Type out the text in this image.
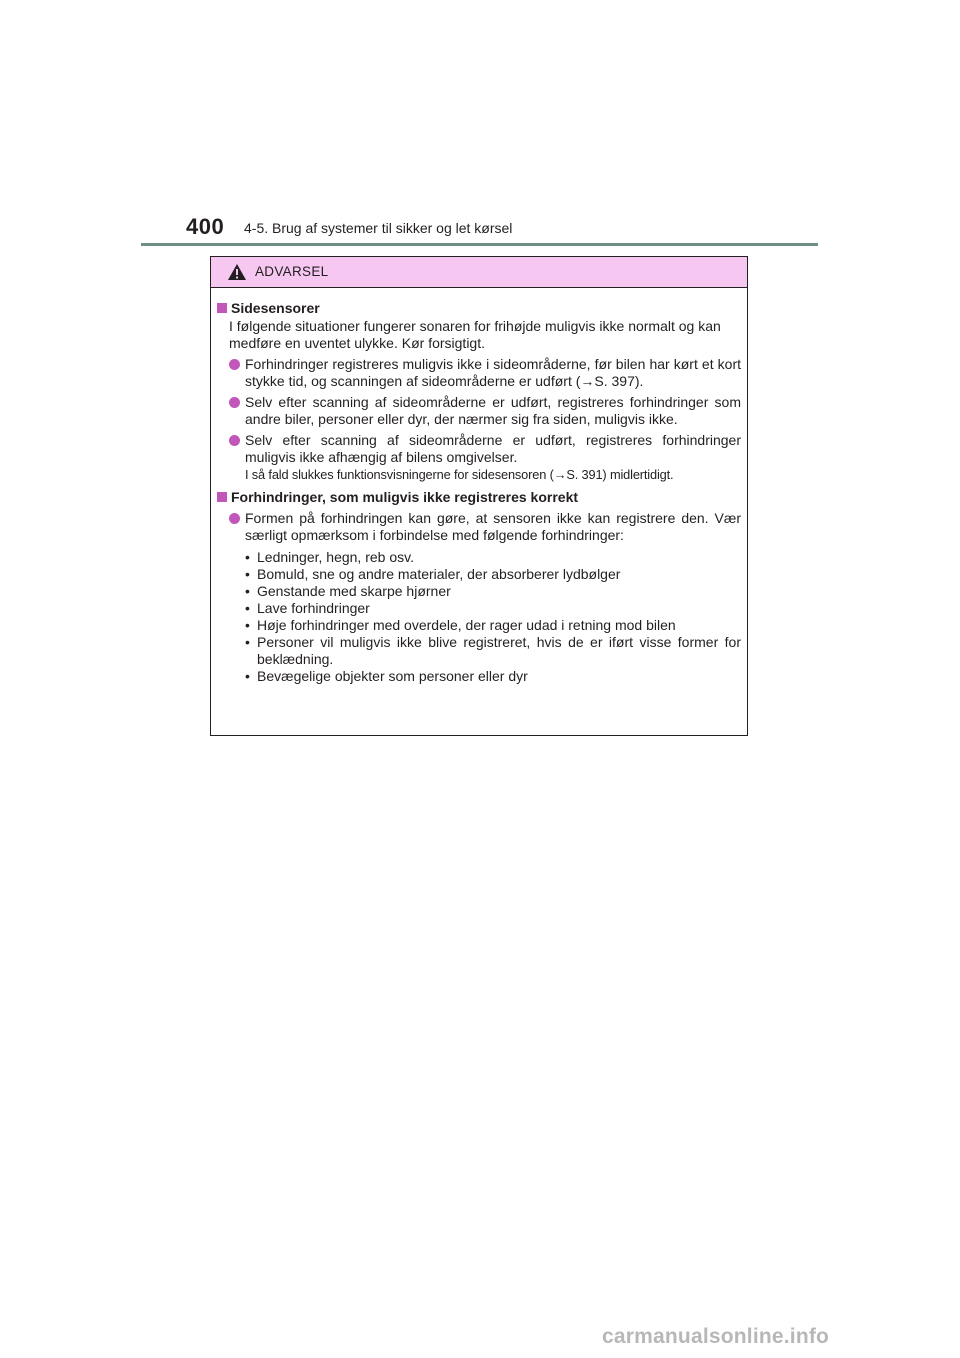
400 4-5. Brug af systemer til sikker og let kørsel
ADVARSEL
Sidesensorer
I følgende situationer fungerer sonaren for frihøjde muligvis ikke normalt og kan medføre en uventet ulykke. Kør forsigtigt.
Forhindringer registreres muligvis ikke i sideområderne, før bilen har kørt et kort stykke tid, og scanningen af sideområderne er udført (→S. 397).
Selv efter scanning af sideområderne er udført, registreres forhindringer som andre biler, personer eller dyr, der nærmer sig fra siden, muligvis ikke.
Selv efter scanning af sideområderne er udført, registreres forhindringer muligvis ikke afhængig af bilens omgivelser.
I så fald slukkes funktionsvisningerne for sidesensoren (→S. 391) midlertidigt.
Forhindringer, som muligvis ikke registreres korrekt
Formen på forhindringen kan gøre, at sensoren ikke kan registrere den. Vær særligt opmærksom i forbindelse med følgende forhindringer:
• Ledninger, hegn, reb osv.
• Bomuld, sne og andre materialer, der absorberer lydbølger
• Genstande med skarpe hjørner
• Lave forhindringer
• Høje forhindringer med overdele, der rager udad i retning mod bilen
• Personer vil muligvis ikke blive registreret, hvis de er iført visse former for beklædning.
• Bevægelige objekter som personer eller dyr
carmanualsonline.info
